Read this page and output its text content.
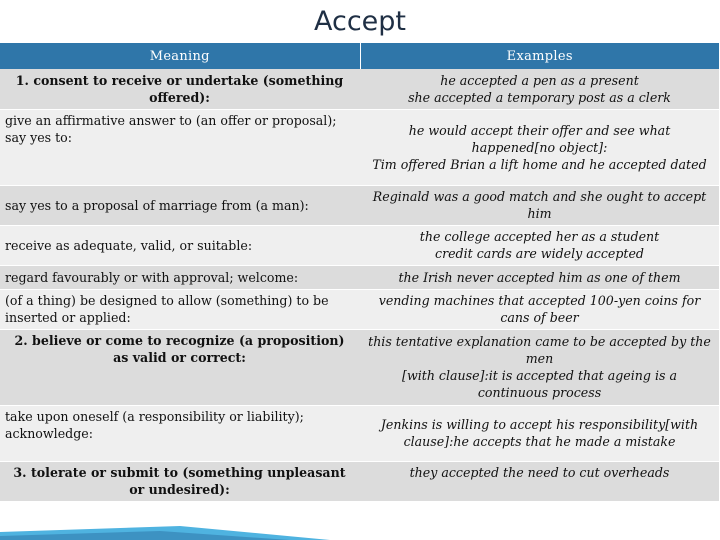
Accept
Meaning	Examples
1. consent to receive or undertake (something offered):	he accepted a pen as a present
she accepted a temporary post as a clerk

give an affirmative answer to (an offer or proposal); say yes to:	he would accept their offer and see what happened[no object]:
Tim offered Brian a lift home and he accepted dated

say yes to a proposal of marriage from (a man):	Reginald was a good match and she ought to accept him

receive as adequate, valid, or suitable:	the college accepted her as a student
credit cards are widely accepted

regard favourably or with approval; welcome:	the Irish never accepted him as one of them

(of a thing) be designed to allow (something) to be inserted or applied:	vending machines that accepted 100-yen coins for cans of beer

2. believe or come to recognize (a proposition) as valid or correct:	this tentative explanation came to be accepted by the men
[with clause]:it is accepted that ageing is a continuous process

take upon oneself (a responsibility or liability); acknowledge:	Jenkins is willing to accept his responsibility[with clause]:he accepts that he made a mistake

3. tolerate or submit to (something unpleasant or undesired):	they accepted the need to cut overheads
